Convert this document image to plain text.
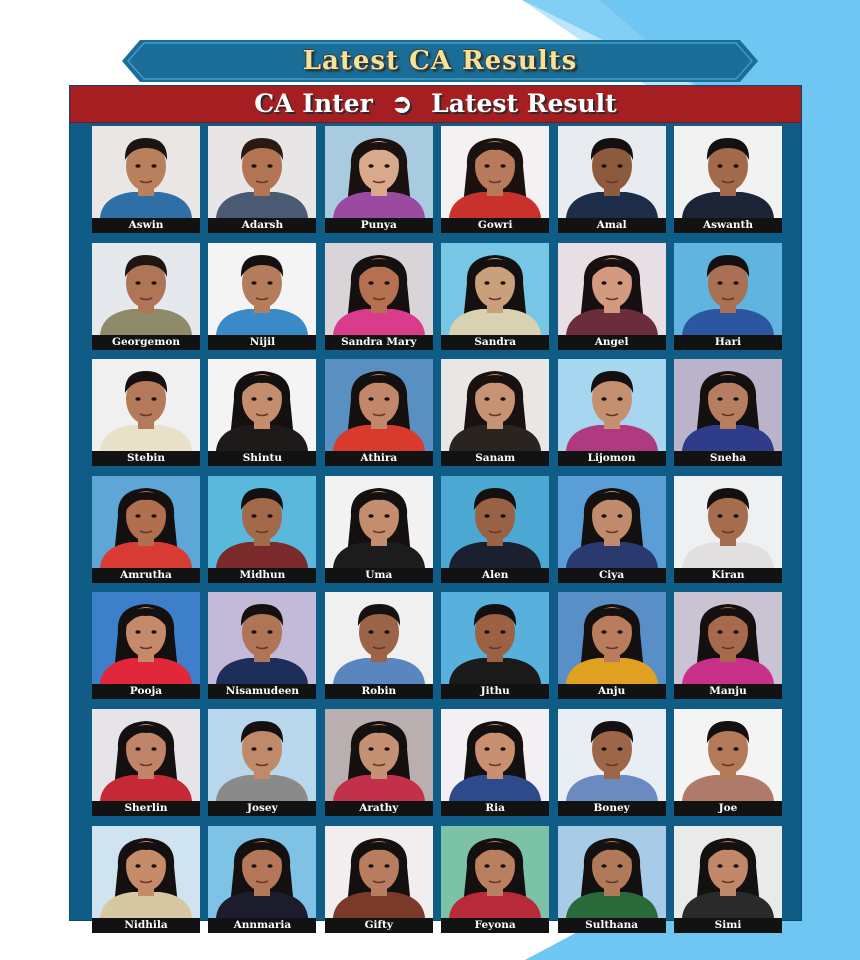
Latest CA Results
CA Inter ➲ Latest Result
Aswin	Adarsh	Punya	Gowri	Amal	Aswanth
Georgemon	Nijil	Sandra Mary	Sandra	Angel	Hari
Stebin	Shintu	Athira	Sanam	Lijomon	Sneha
Amrutha	Midhun	Uma	Alen	Ciya	Kiran
Pooja	Nisamudeen	Robin	Jithu	Anju	Manju
Sherlin	Josey	Arathy	Ria	Boney	Joe
Nidhila	Annmaria	Gifty	Feyona	Sulthana	Simi
